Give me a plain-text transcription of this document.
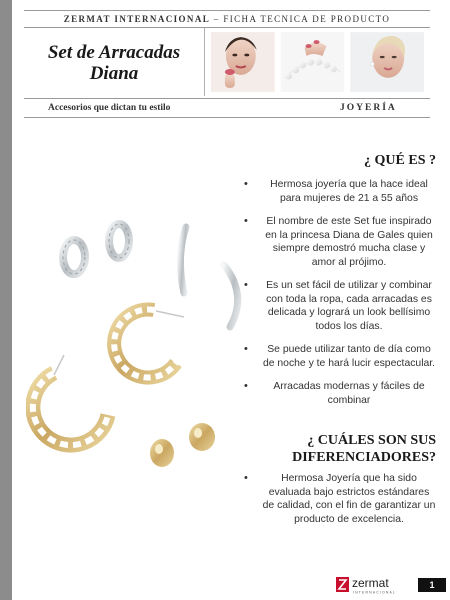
ZERMAT INTERNACIONAL – FICHA TECNICA DE PRODUCTO
Set de Arracadas
Diana
Accesorios que dictan tu estilo	JOYERÍA
¿ QUÉ ES ?
• Hermosa joyería que la hace ideal para mujeres de 21 a 55 años
• El nombre de este Set fue inspirado en la princesa Diana de Gales quien siempre demostró mucha clase y amor al prójimo.
• Es un set fácil de utilizar y combinar con toda la ropa, cada arracadas es delicada y logrará un look bellísimo todos los días.
• Se puede utilizar tanto de día como de noche y te hará lucir espectacular.
• Arracadas modernas y fáciles de combinar
¿ CUÁLES SON SUS
DIFERENCIADORES?
• Hermosa Joyería que ha sido evaluada bajo estrictos estándares de calidad, con el fin de garantizar un producto de excelencia.
zermat
INTERNACIONAL
1
